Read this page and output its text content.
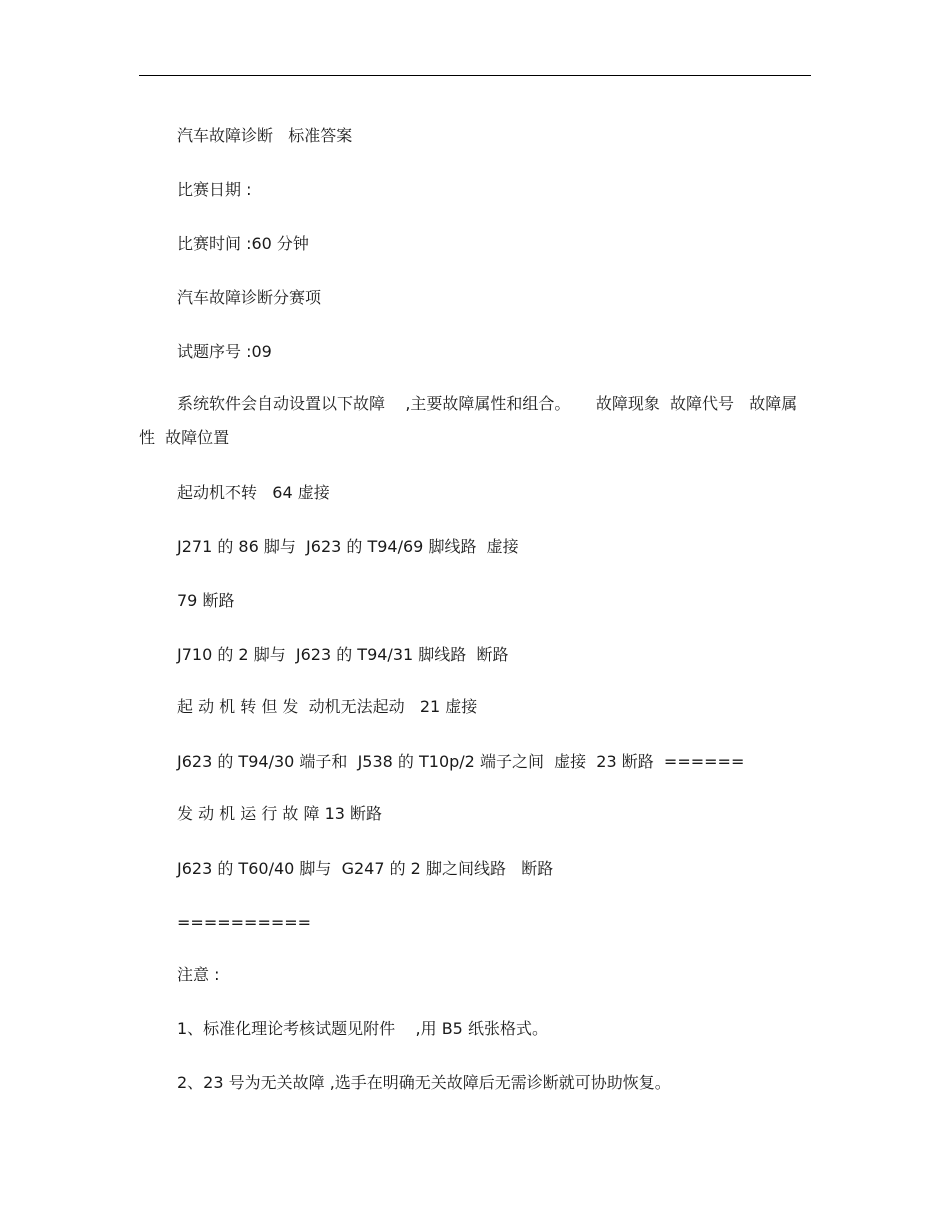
汽车故障诊断   标准答案

比赛日期 :

比赛时间 :60 分钟

汽车故障诊断分赛项

试题序号 :09

系统软件会自动设置以下故障    ,主要故障属性和组合。     故障现象  故障代号   故障属性  故障位置

起动机不转   64 虚接

J271 的 86 脚与  J623 的 T94/69 脚线路  虚接

79 断路

J710 的 2 脚与  J623 的 T94/31 脚线路  断路

起 动 机 转 但 发  动机无法起动   21 虚接

J623 的 T94/30 端子和  J538 的 T10p/2 端子之间  虚接  23 断路  ======

发 动 机 运 行 故 障 13 断路

J623 的 T60/40 脚与  G247 的 2 脚之间线路   断路

==========

注意 :

1、标准化理论考核试题见附件    ,用 B5 纸张格式。

2、23 号为无关故障 ,选手在明确无关故障后无需诊断就可协助恢复。
